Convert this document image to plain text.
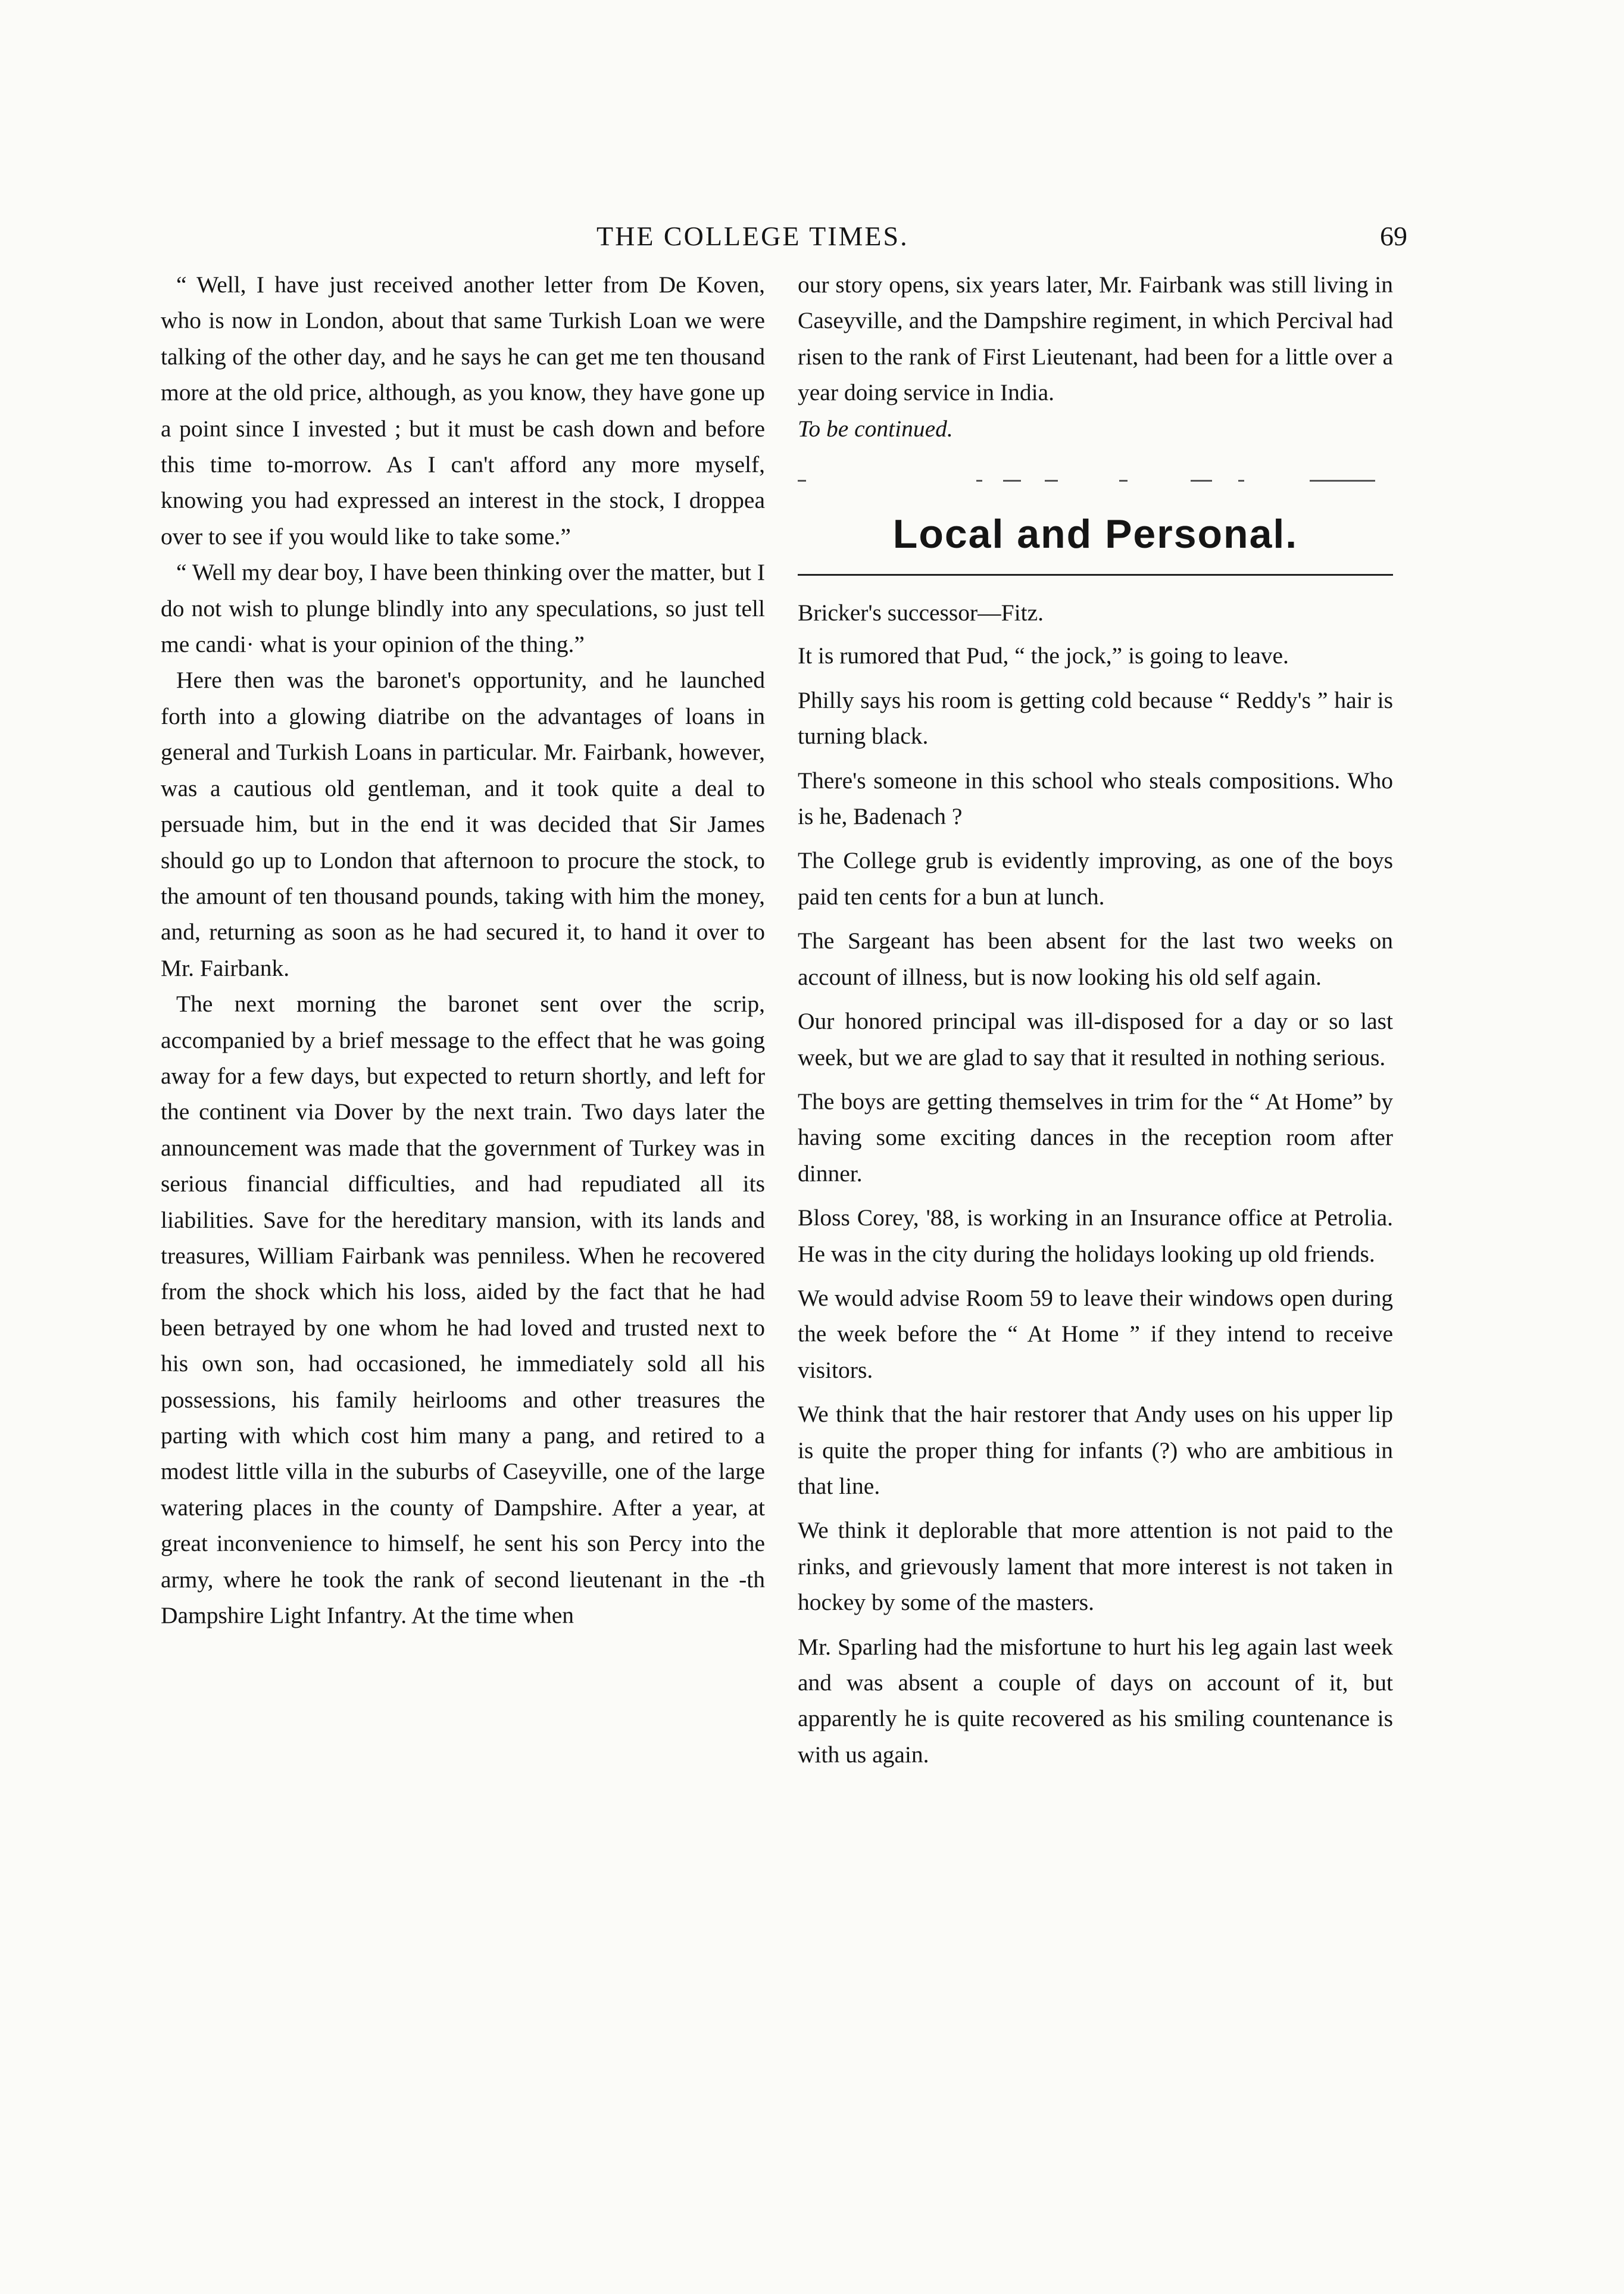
THE COLLEGE TIMES.	69

“ Well, I have just received another letter from De Koven, who is now in London, about that same Turkish Loan we were talking of the other day, and he says he can get me ten thousand more at the old price, although, as you know, they have gone up a point since I invested ; but it must be cash down and before this time to-morrow. As I can't afford any more myself, knowing you had expressed an interest in the stock, I droppea over to see if you would like to take some.”

“ Well my dear boy, I have been thinking over the matter, but I do not wish to plunge blindly into any speculations, so just tell me candi· what is your opinion of the thing.”

Here then was the baronet's opportunity, and he launched forth into a glowing diatribe on the advantages of loans in general and Turkish Loans in particular. Mr. Fairbank, however, was a cautious old gentleman, and it took quite a deal to persuade him, but in the end it was decided that Sir James should go up to London that afternoon to procure the stock, to the amount of ten thousand pounds, taking with him the money, and, returning as soon as he had secured it, to hand it over to Mr. Fairbank.

The next morning the baronet sent over the scrip, accompanied by a brief message to the effect that he was going away for a few days, but expected to return shortly, and left for the continent via Dover by the next train. Two days later the announcement was made that the government of Turkey was in serious financial difficulties, and had repudiated all its liabilities. Save for the hereditary mansion, with its lands and treasures, William Fairbank was penniless. When he recovered from the shock which his loss, aided by the fact that he had been betrayed by one whom he had loved and trusted next to his own son, had occasioned, he immediately sold all his possessions, his family heirlooms and other treasures the parting with which cost him many a pang, and retired to a modest little villa in the suburbs of Caseyville, one of the large watering places in the county of Dampshire. After a year, at great inconvenience to himself, he sent his son Percy into the army, where he took the rank of second lieutenant in the -th Dampshire Light Infantry. At the time when

our story opens, six years later, Mr. Fairbank was still living in Caseyville, and the Dampshire regiment, in which Percival had risen to the rank of First Lieutenant, had been for a little over a year doing service in India.

To be continued.

Local and Personal.

Bricker's successor—Fitz.

It is rumored that Pud, “ the jock,” is going to leave.

Philly says his room is getting cold because “ Reddy's ” hair is turning black.

There's someone in this school who steals compositions. Who is he, Badenach ?

The College grub is evidently improving, as one of the boys paid ten cents for a bun at lunch.

The Sargeant has been absent for the last two weeks on account of illness, but is now looking his old self again.

Our honored principal was ill-disposed for a day or so last week, but we are glad to say that it resulted in nothing serious.

The boys are getting themselves in trim for the “ At Home” by having some exciting dances in the reception room after dinner.

Bloss Corey, '88, is working in an Insurance office at Petrolia. He was in the city during the holidays looking up old friends.

We would advise Room 59 to leave their windows open during the week before the “ At Home ” if they intend to receive visitors.

We think that the hair restorer that Andy uses on his upper lip is quite the proper thing for infants (?) who are ambitious in that line.

We think it deplorable that more attention is not paid to the rinks, and grievously lament that more interest is not taken in hockey by some of the masters.

Mr. Sparling had the misfortune to hurt his leg again last week and was absent a couple of days on account of it, but apparently he is quite recovered as his smiling countenance is with us again.
